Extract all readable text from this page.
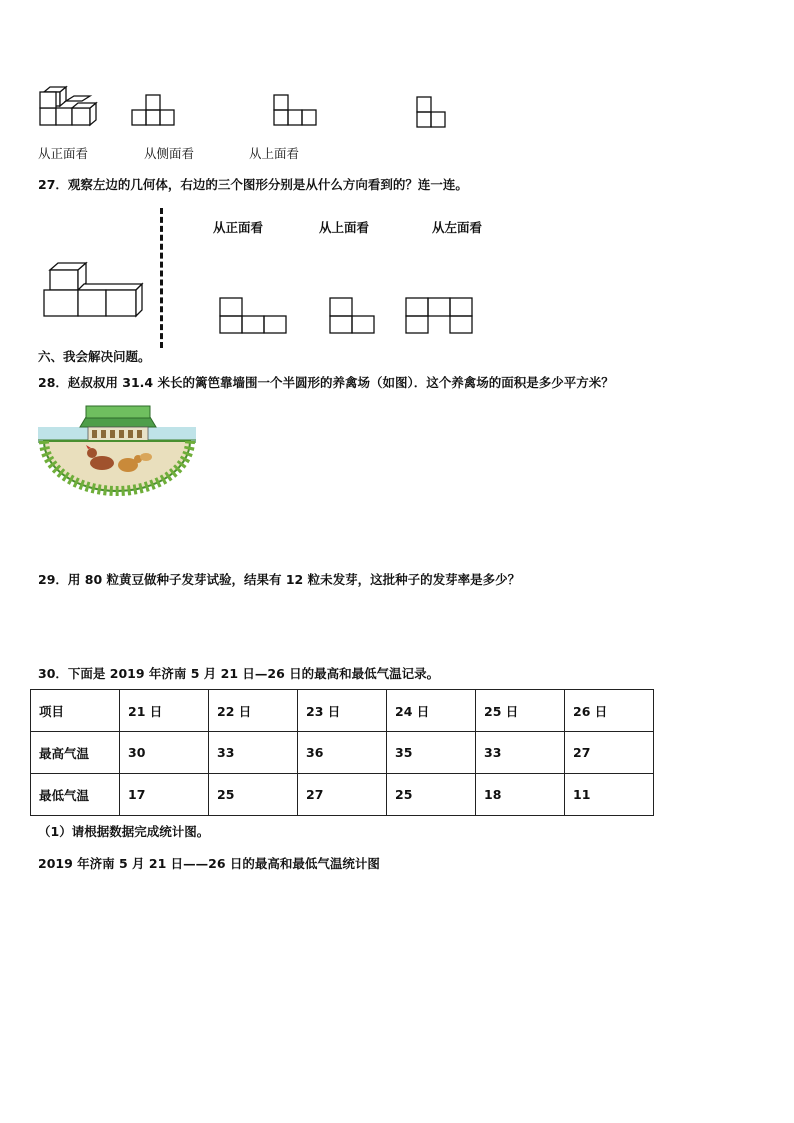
从正面看	从侧面看	从上面看
27．观察左边的几何体，右边的三个图形分别是从什么方向看到的？连一连。
从正面看	从上面看	从左面看
六、我会解决问题。
28．赵叔叔用 31.4 米长的篱笆靠墙围一个半圆形的养禽场（如图）．这个养禽场的面积是多少平方米？
29．用 80 粒黄豆做种子发芽试验，结果有 12 粒未发芽，这批种子的发芽率是多少？
30．下面是 2019 年济南 5 月 21 日—26 日的最高和最低气温记录。
项目	21 日	22 日	23 日	24 日	25 日	26 日
最高气温	30	33	36	35	33	27
最低气温	17	25	27	25	18	11
（1）请根据数据完成统计图。
2019 年济南 5 月 21 日——26 日的最高和最低气温统计图
